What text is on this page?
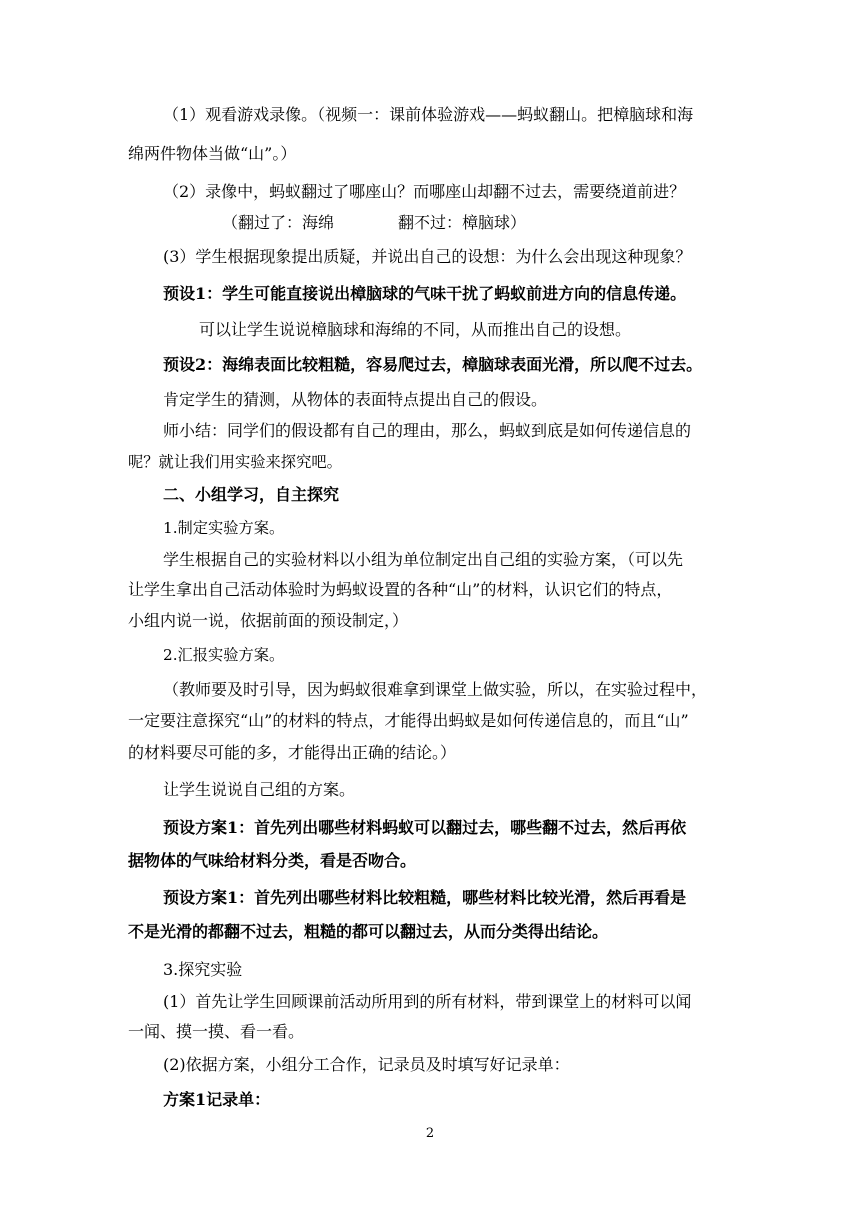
（1）观看游戏录像。（视频一：课前体验游戏——蚂蚁翻山。把樟脑球和海
绵两件物体当做“山”。）
（2）录像中，蚂蚁翻过了哪座山？而哪座山却翻不过去，需要绕道前进？
（翻过了：海绵　　　　翻不过：樟脑球）
(3）学生根据现象提出质疑，并说出自己的设想：为什么会出现这种现象？
预设1：学生可能直接说出樟脑球的气味干扰了蚂蚁前进方向的信息传递。
可以让学生说说樟脑球和海绵的不同，从而推出自己的设想。
预设2：海绵表面比较粗糙，容易爬过去，樟脑球表面光滑，所以爬不过去。
肯定学生的猜测，从物体的表面特点提出自己的假设。
师小结：同学们的假设都有自己的理由，那么，蚂蚁到底是如何传递信息的
呢？就让我们用实验来探究吧。
二、小组学习，自主探究
1.制定实验方案。
学生根据自己的实验材料以小组为单位制定出自己组的实验方案，（可以先
让学生拿出自己活动体验时为蚂蚁设置的各种“山”的材料，认识它们的特点，
小组内说一说，依据前面的预设制定，）
2.汇报实验方案。
（教师要及时引导，因为蚂蚁很难拿到课堂上做实验，所以，在实验过程中，
一定要注意探究“山”的材料的特点，才能得出蚂蚁是如何传递信息的，而且“山”
的材料要尽可能的多，才能得出正确的结论。）
让学生说说自己组的方案。
预设方案1：首先列出哪些材料蚂蚁可以翻过去，哪些翻不过去，然后再依
据物体的气味给材料分类，看是否吻合。
预设方案1：首先列出哪些材料比较粗糙，哪些材料比较光滑，然后再看是
不是光滑的都翻不过去，粗糙的都可以翻过去，从而分类得出结论。
3.探究实验
(1）首先让学生回顾课前活动所用到的所有材料，带到课堂上的材料可以闻
一闻、摸一摸、看一看。
(2)依据方案，小组分工合作，记录员及时填写好记录单：
方案1记录单：
2
